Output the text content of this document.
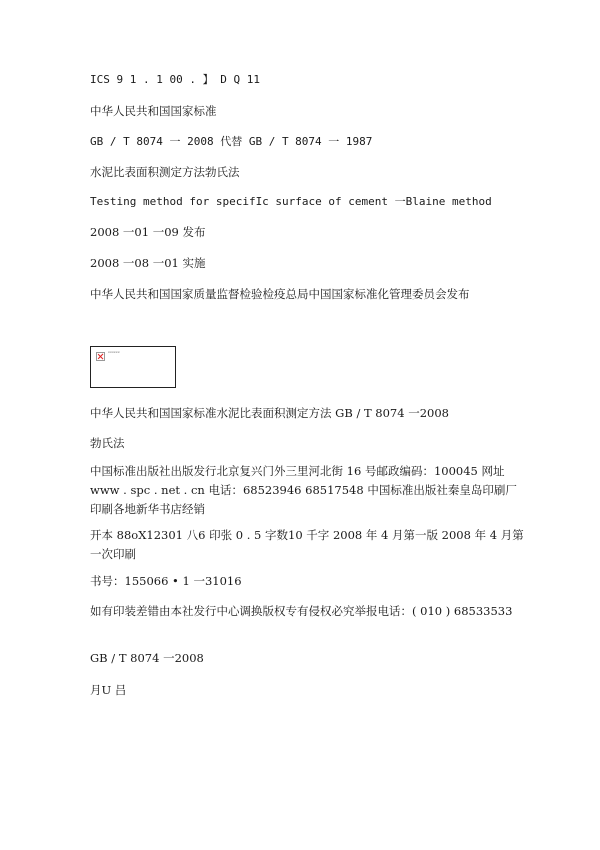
ICS 9 1 . 1 00 . 】 D Q 11

中华人民共和国国家标准

GB / T 8074 一 2008 代替 GB / T 8074 一 1987

水泥比表面积测定方法勃氏法

Testing method for specifIc surface of cement 一Blaine method

2008 一01 一09 发布

2008 一08 一01 实施

中华人民共和国国家质量监督检验检疫总局中国国家标准化管理委员会发布

xxxxxx

中华人民共和国国家标准水泥比表面积测定方法 GB / T 8074 一2008

勃氏法

中国标准出版社出版发行北京复兴门外三里河北街 16 号邮政编码：100045 网址www . spc . net . cn 电话：68523946 68517548 中国标准出版社秦皇岛印刷厂印刷各地新华书店经销

开本 88oX12301 八6 印张 0 . 5 字数10 千字 2008 年 4 月第一版 2008 年 4 月第一次印刷

书号：155066 • 1 一31016

如有印装差错由本社发行中心调换版权专有侵权必究举报电话：( 010 ) 68533533

GB / T 8074 一2008

月U 吕
